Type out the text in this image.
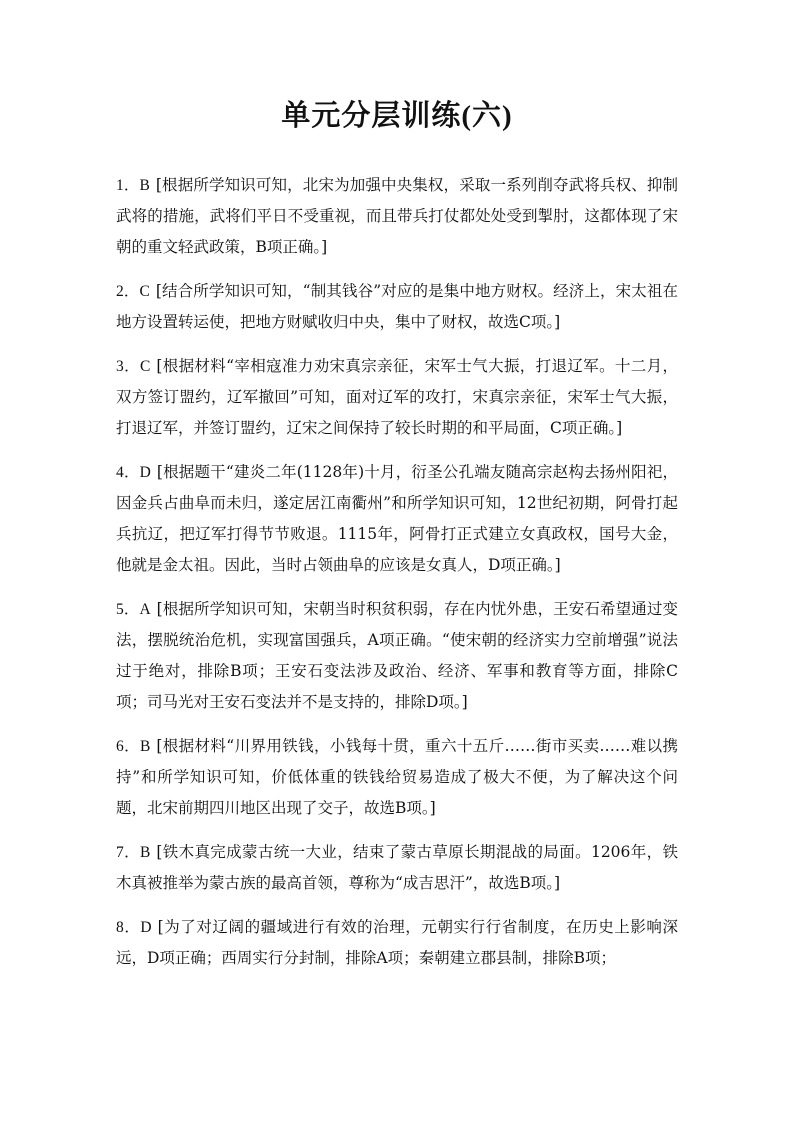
单元分层训练(六)

1．B [根据所学知识可知，北宋为加强中央集权，采取一系列削夺武将兵权、抑制武将的措施，武将们平日不受重视，而且带兵打仗都处处受到掣肘，这都体现了宋朝的重文轻武政策，B项正确。]

2．C [结合所学知识可知，“制其钱谷”对应的是集中地方财权。经济上，宋太祖在地方设置转运使，把地方财赋收归中央，集中了财权，故选C项。]

3．C [根据材料“宰相寇准力劝宋真宗亲征，宋军士气大振，打退辽军。十二月，双方签订盟约，辽军撤回”可知，面对辽军的攻打，宋真宗亲征，宋军士气大振，打退辽军，并签订盟约，辽宋之间保持了较长时期的和平局面，C项正确。]

4．D [根据题干“建炎二年(1128年)十月，衍圣公孔端友随高宗赵构去扬州阳祀，因金兵占曲阜而未归，遂定居江南衢州”和所学知识可知，12世纪初期，阿骨打起兵抗辽，把辽军打得节节败退。1115年，阿骨打正式建立女真政权，国号大金，他就是金太祖。因此，当时占领曲阜的应该是女真人，D项正确。]

5．A [根据所学知识可知，宋朝当时积贫积弱，存在内忧外患，王安石希望通过变法，摆脱统治危机，实现富国强兵，A项正确。“使宋朝的经济实力空前增强”说法过于绝对，排除B项；王安石变法涉及政治、经济、军事和教育等方面，排除C项；司马光对王安石变法并不是支持的，排除D项。]

6．B [根据材料“川界用铁钱，小钱每十贯，重六十五斤……街市买卖……难以携持”和所学知识可知，价低体重的铁钱给贸易造成了极大不便，为了解决这个问题，北宋前期四川地区出现了交子，故选B项。]

7．B [铁木真完成蒙古统一大业，结束了蒙古草原长期混战的局面。1206年，铁木真被推举为蒙古族的最高首领，尊称为“成吉思汗”，故选B项。]

8．D [为了对辽阔的疆域进行有效的治理，元朝实行行省制度，在历史上影响深远，D项正确；西周实行分封制，排除A项；秦朝建立郡县制，排除B项；
